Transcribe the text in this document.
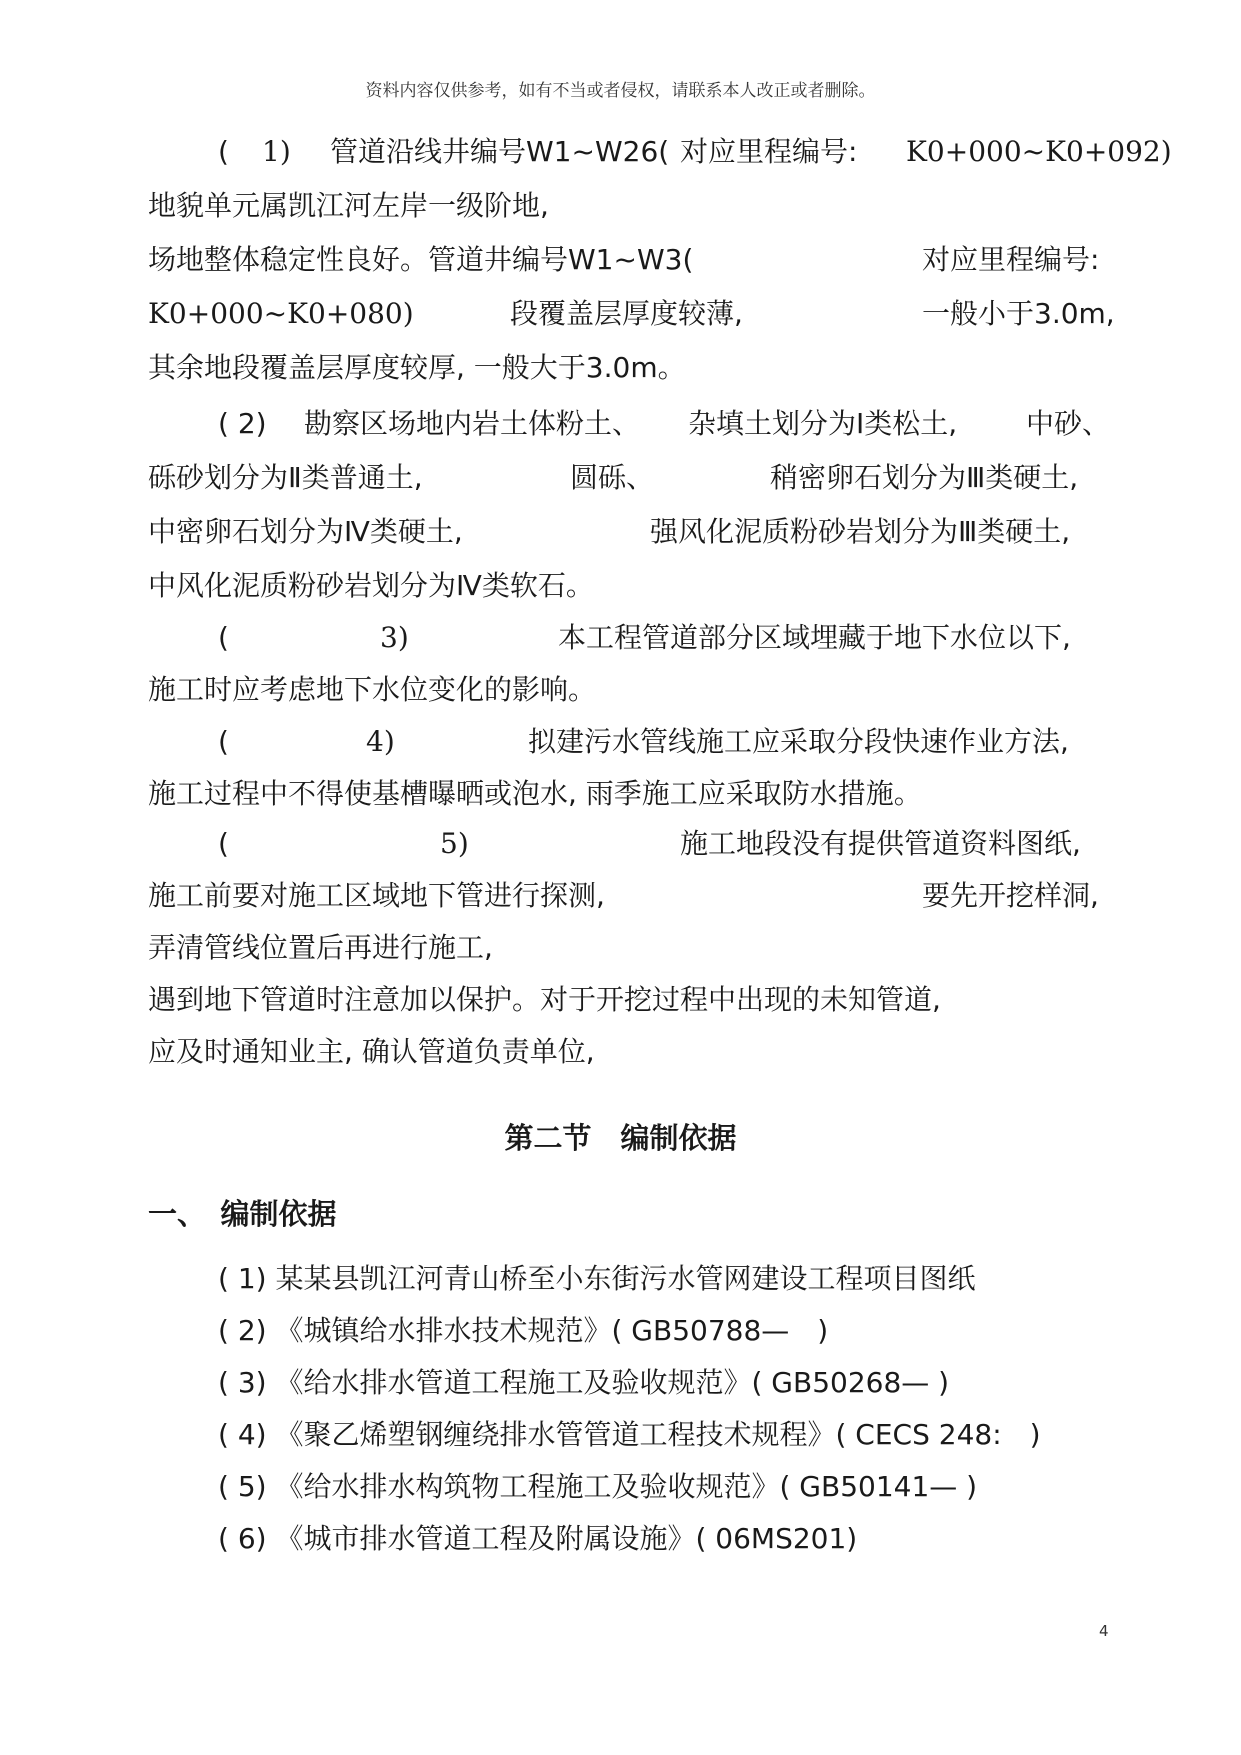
资料内容仅供参考，如有不当或者侵权，请联系本人改正或者删除。

(

1)

管道沿线井编号W1~W26(

对应里程编号:

K0+000~K0+092)

地貌单元属凯江河左岸一级阶地,

场地整体稳定性良好。管道井编号W1~W3(

	对应里程编号:

K0+000~K0+080)

	段覆盖层厚度较薄,

	一般小于3.0m,

其余地段覆盖层厚度较厚, 一般大于3.0m。

( 2)

勘察区场地内岩土体粉土、

杂填土划分为Ⅰ类松土,

中砂、

砾砂划分为Ⅱ类普通土,

	圆砾、

	稍密卵石划分为Ⅲ类硬土,

中密卵石划分为Ⅳ类硬土,

	强风化泥质粉砂岩划分为Ⅲ类硬土,

中风化泥质粉砂岩划分为Ⅳ类软石。

(

	3)

	本工程管道部分区域埋藏于地下水位以下,

施工时应考虑地下水位变化的影响。

(

	4)

	拟建污水管线施工应采取分段快速作业方法,

施工过程中不得使基槽曝晒或泡水, 雨季施工应采取防水措施。

(

	5)

	施工地段没有提供管道资料图纸,

施工前要对施工区域地下管进行探测,

	要先开挖样洞,

弄清管线位置后再进行施工,
遇到地下管道时注意加以保护。对于开挖过程中出现的未知管道,
应及时通知业主, 确认管道负责单位,
第二节　编制依据
一、　编制依据
( 1) 某某县凯江河青山桥至小东街污水管网建设工程项目图纸
( 2) 《城镇给水排水技术规范》( GB50788—　)
( 3) 《给水排水管道工程施工及验收规范》( GB50268— )
( 4) 《聚乙烯塑钢缠绕排水管管道工程技术规程》( CECS 248:　)
( 5) 《给水排水构筑物工程施工及验收规范》( GB50141— )
( 6) 《城市排水管道工程及附属设施》( 06MS201)
4
